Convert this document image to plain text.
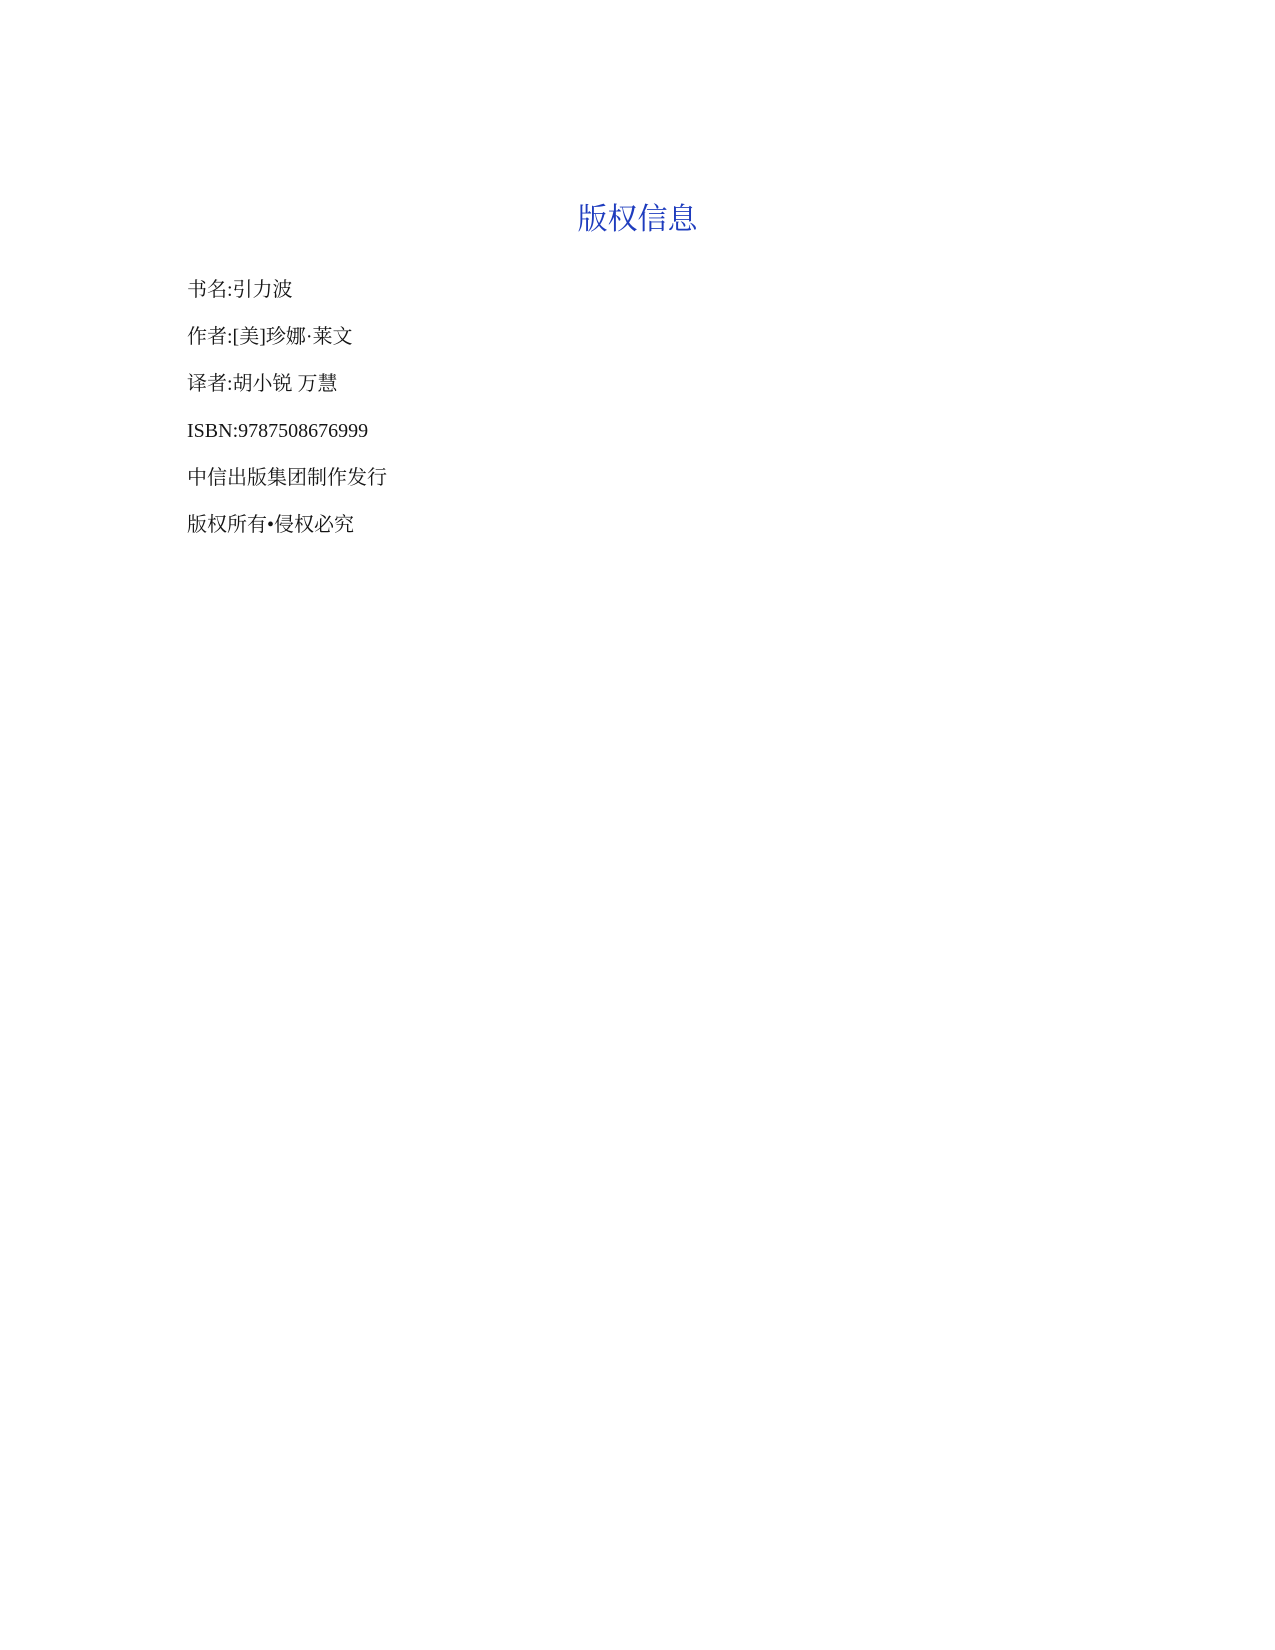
版权信息

书名:引力波

作者:[美]珍娜·莱文

译者:胡小锐 万慧

ISBN:9787508676999

中信出版集团制作发行

版权所有•侵权必究
